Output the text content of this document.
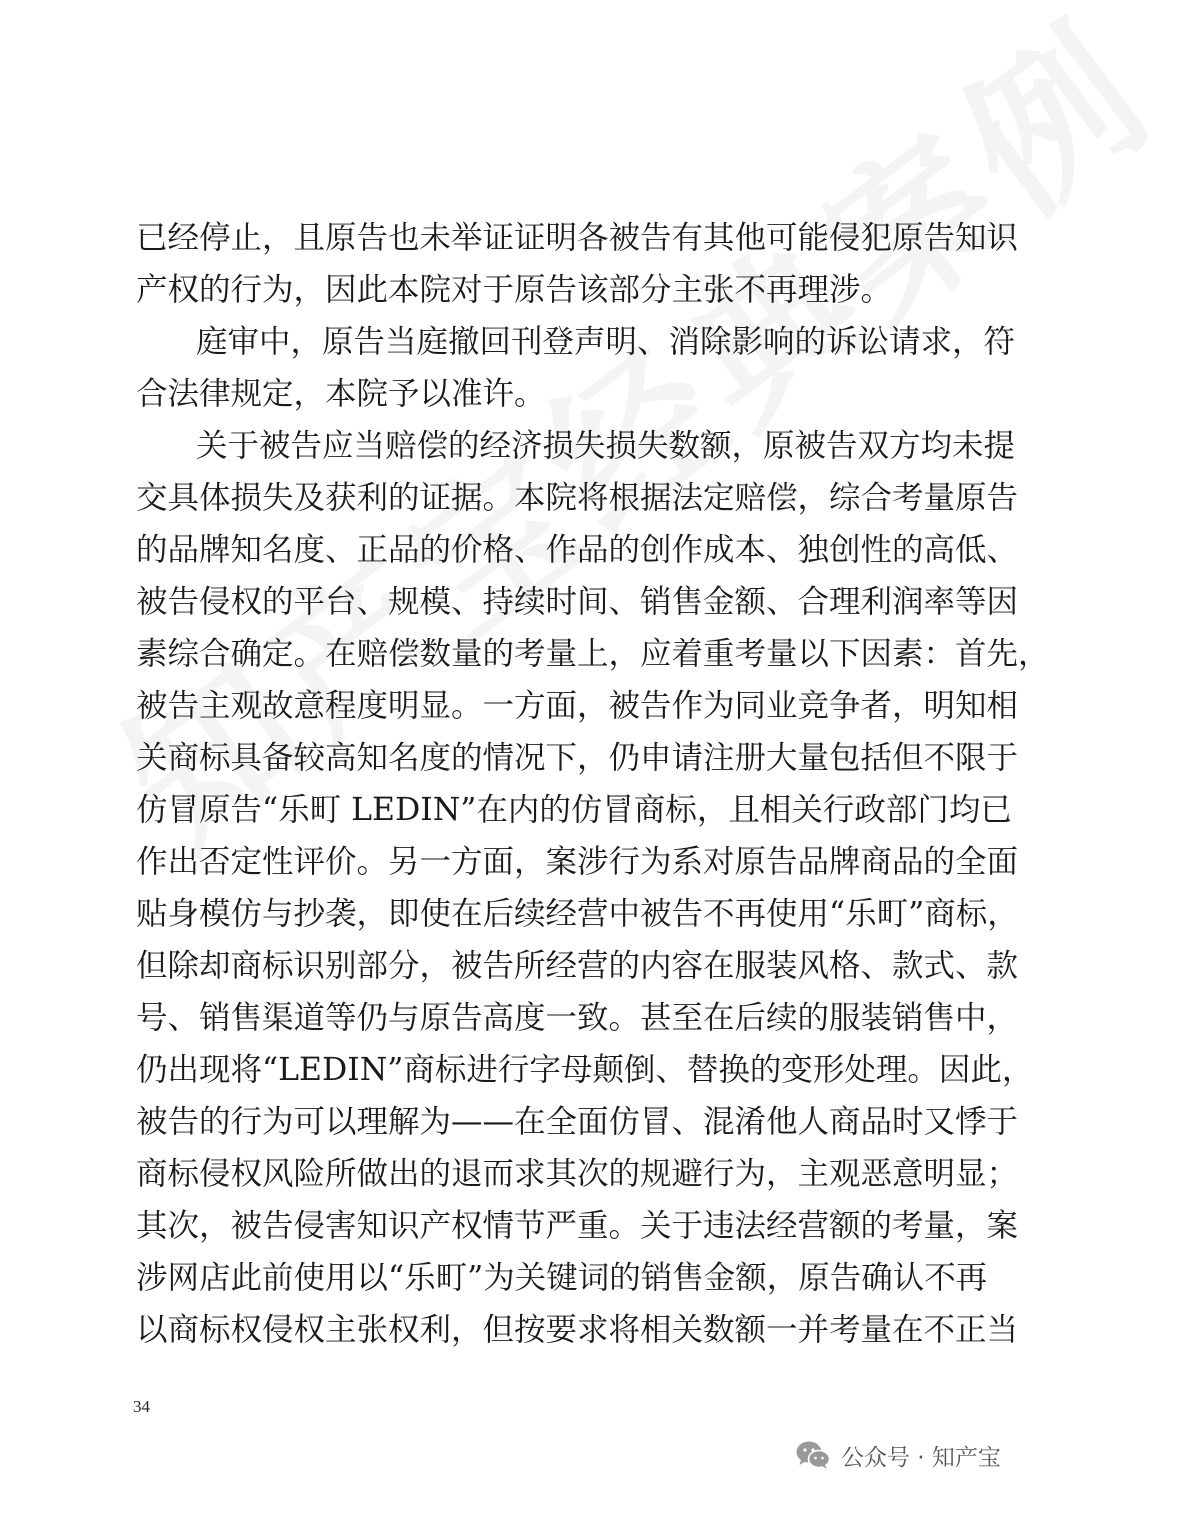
已经停止，且原告也未举证证明各被告有其他可能侵犯原告知识
产权的行为，因此本院对于原告该部分主张不再理涉。
庭审中，原告当庭撤回刊登声明、消除影响的诉讼请求，符
合法律规定，本院予以准许。
关于被告应当赔偿的经济损失损失数额，原被告双方均未提
交具体损失及获利的证据。本院将根据法定赔偿，综合考量原告
的品牌知名度、正品的价格、作品的创作成本、独创性的高低、
被告侵权的平台、规模、持续时间、销售金额、合理利润率等因
素综合确定。在赔偿数量的考量上，应着重考量以下因素：首先，
被告主观故意程度明显。一方面，被告作为同业竞争者，明知相
关商标具备较高知名度的情况下，仍申请注册大量包括但不限于
仿冒原告“乐町 LEDIN”在内的仿冒商标，且相关行政部门均已
作出否定性评价。另一方面，案涉行为系对原告品牌商品的全面
贴身模仿与抄袭，即使在后续经营中被告不再使用“乐町”商标，
但除却商标识别部分，被告所经营的内容在服装风格、款式、款
号、销售渠道等仍与原告高度一致。甚至在后续的服装销售中，
仍出现将“LEDIN”商标进行字母颠倒、替换的变形处理。因此，
被告的行为可以理解为——在全面仿冒、混淆他人商品时又悸于
商标侵权风险所做出的退而求其次的规避行为，主观恶意明显；
其次，被告侵害知识产权情节严重。关于违法经营额的考量，案
涉网店此前使用以“乐町”为关键词的销售金额，原告确认不再
以商标权侵权主张权利，但按要求将相关数额一并考量在不正当
34
公众号 · 知产宝
